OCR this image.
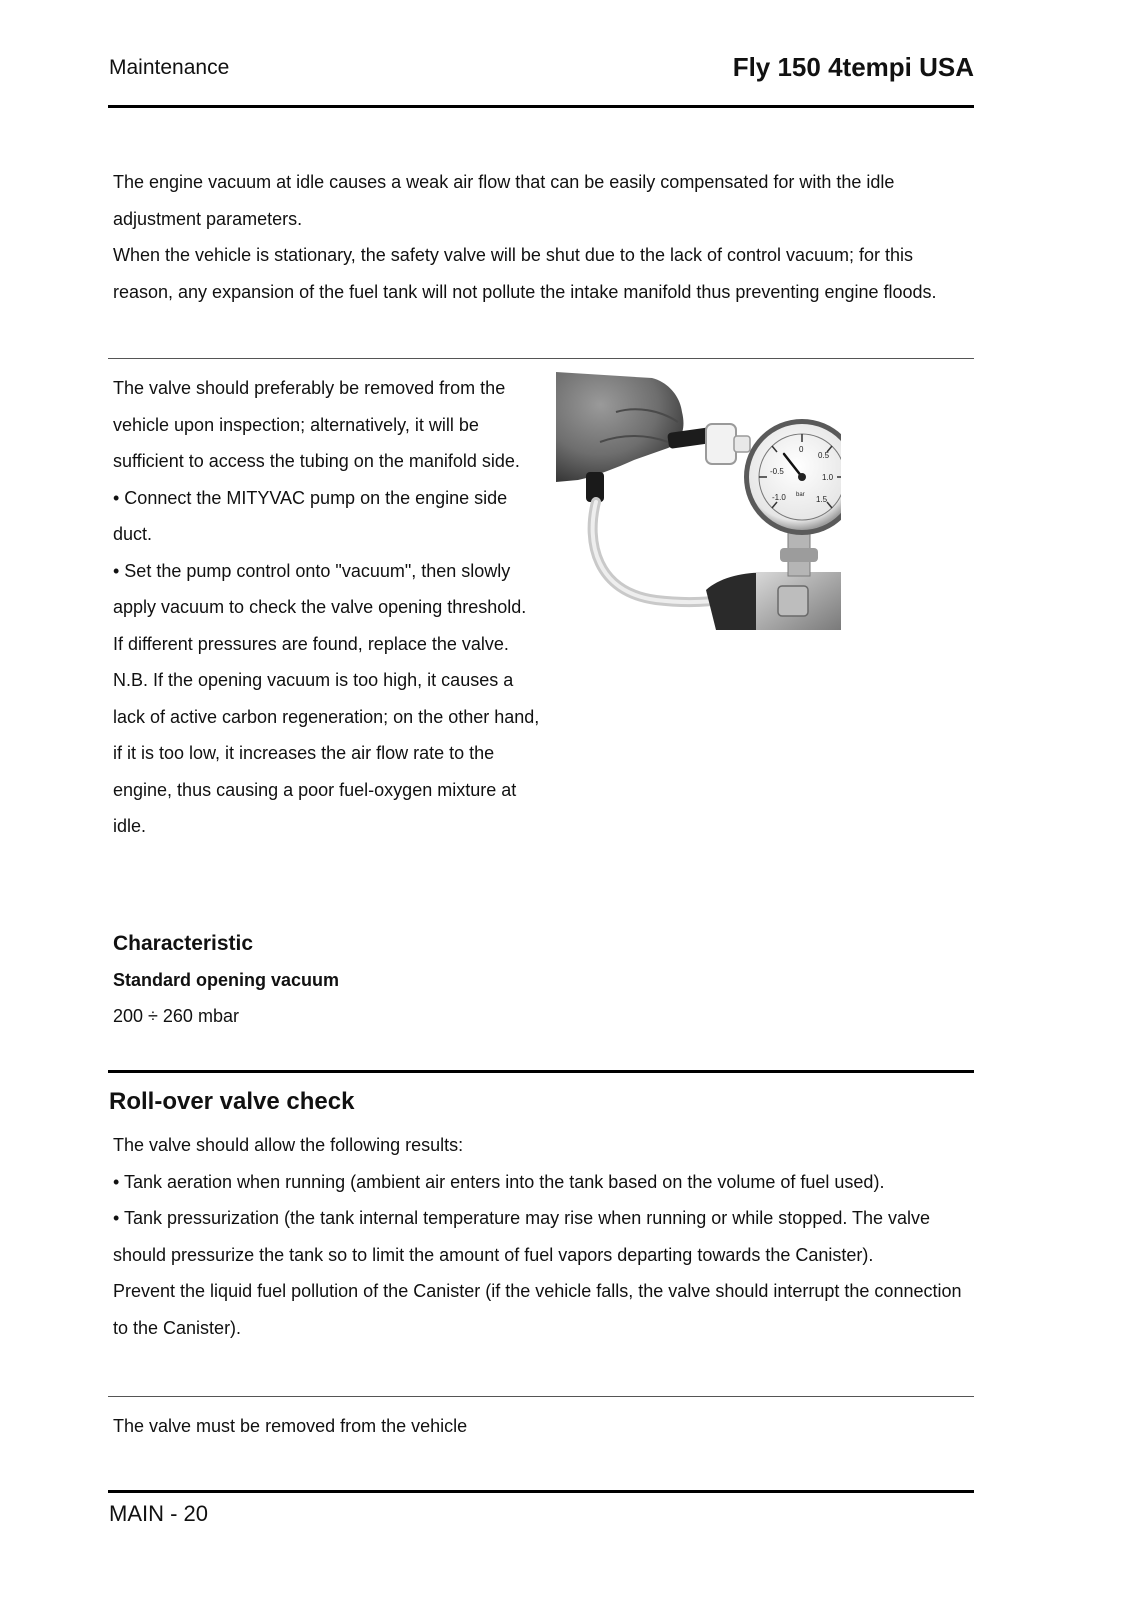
Maintenance	Fly 150 4tempi USA

The engine vacuum at idle causes a weak air flow that can be easily compensated for with the idle adjustment parameters.

When the vehicle is stationary, the safety valve will be shut due to the lack of control vacuum; for this reason, any expansion of the fuel tank will not pollute the intake manifold thus preventing engine floods.

The valve should preferably be removed from the vehicle upon inspection; alternatively, it will be sufficient to access the tubing on the manifold side.

• Connect the MITYVAC pump on the engine side duct.

• Set the pump control onto "vacuum", then slowly apply vacuum to check the valve opening threshold.

If different pressures are found, replace the valve.

N.B. If the opening vacuum is too high, it causes a lack of active carbon regeneration; on the other hand, if it is too low, it increases the air flow rate to the engine, thus causing a poor fuel-oxygen mixture at idle.

0
0.5
-0.5
1.0
-1.0 bar 1.5
Characteristic
Standard opening vacuum
200 ÷ 260 mbar
Roll-over valve check

The valve should allow the following results:

• Tank aeration when running (ambient air enters into the tank based on the volume of fuel used).

• Tank pressurization (the tank internal temperature may rise when running or while stopped. The valve should pressurize the tank so to limit the amount of fuel vapors departing towards the Canister).

Prevent the liquid fuel pollution of the Canister (if the vehicle falls, the valve should interrupt the connection to the Canister).

The valve must be removed from the vehicle

MAIN - 20
